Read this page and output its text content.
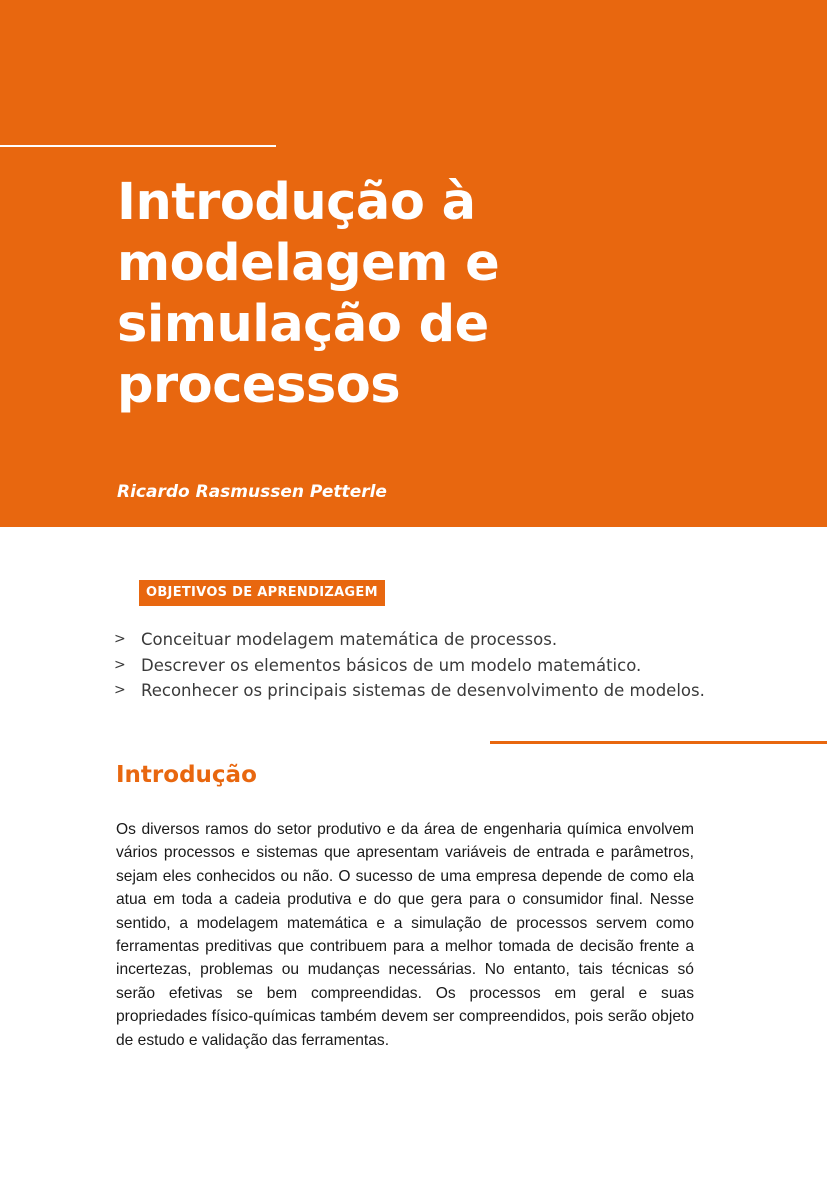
Introdução à
modelagem e
simulação de
processos

Ricardo Rasmussen Petterle

OBJETIVOS DE APRENDIZAGEM
> Conceituar modelagem matemática de processos.
> Descrever os elementos básicos de um modelo matemático.
> Reconhecer os principais sistemas de desenvolvimento de modelos.
Introdução

Os diversos ramos do setor produtivo e da área de engenharia química envolvem vários processos e sistemas que apresentam variáveis de entrada e parâmetros, sejam eles conhecidos ou não. O sucesso de uma empresa depende de como ela atua em toda a cadeia produtiva e do que gera para o consumidor final. Nesse sentido, a modelagem matemática e a simulação de processos servem como ferramentas preditivas que contribuem para a melhor tomada de decisão frente a incertezas, problemas ou mudanças necessárias. No entanto, tais técnicas só serão efetivas se bem compreendidas. Os processos em geral e suas propriedades físico-químicas também devem ser compreendidos, pois serão objeto de estudo e validação das ferramentas.
